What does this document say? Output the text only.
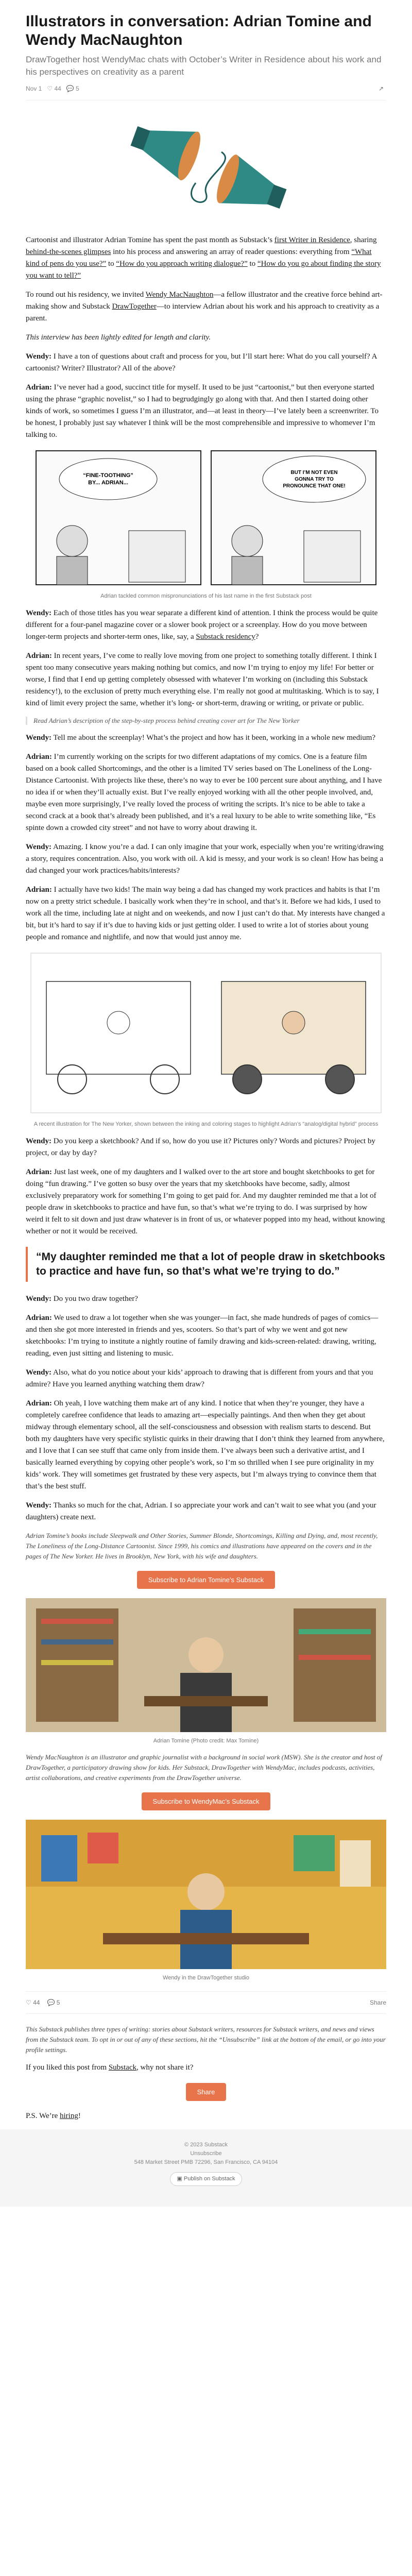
Illustrators in conversation: Adrian Tomine and Wendy MacNaughton
DrawTogether host WendyMac chats with October’s Writer in Residence about his work and his perspectives on creativity as a parent
Nov 1 ♡ 44 💬 5	↗

Cartoonist and illustrator Adrian Tomine has spent the past month as Substack’s first Writer in Residence, sharing behind-the-scenes glimpses into his process and answering an array of reader questions: everything from “What kind of pens do you use?” to “How do you approach writing dialogue?” to “How do you go about finding the story you want to tell?”

To round out his residency, we invited Wendy MacNaughton—a fellow illustrator and the creative force behind art-making show and Substack DrawTogether—to interview Adrian about his work and his approach to creativity as a parent.

This interview has been lightly edited for length and clarity.

Wendy: I have a ton of questions about craft and process for you, but I’ll start here: What do you call yourself? A cartoonist? Writer? Illustrator? All of the above?

Adrian: I’ve never had a good, succinct title for myself. It used to be just “cartoonist,” but then everyone started using the phrase “graphic novelist,” so I had to begrudgingly go along with that. And then I started doing other kinds of work, so sometimes I guess I’m an illustrator, and—at least in theory—I’ve lately been a screenwriter. To be honest, I probably just say whatever I think will be the most comprehensible and impressive to whomever I’m talking to.

“FINE-TOOTHING”
BY... ADRIAN...
BUT I’M NOT EVEN
GONNA TRY TO
PRONOUNCE THAT ONE!
Adrian tackled common mispronunciations of his last name in the first Substack post

Wendy: Each of those titles has you wear separate a different kind of attention. I think the process would be quite different for a four-panel magazine cover or a slower book project or a screenplay. How do you move between longer-term projects and shorter-term ones, like, say, a Substack residency?

Adrian: In recent years, I’ve come to really love moving from one project to something totally different. I think I spent too many consecutive years making nothing but comics, and now I’m trying to enjoy my life! For better or worse, I find that I end up getting completely obsessed with whatever I’m working on (including this Substack residency!), to the exclusion of pretty much everything else. I’m really not good at multitasking. Which is to say, I kind of limit every project the same, whether it’s long- or short-term, drawing or writing, or private or public.

Read Adrian’s description of the step-by-step process behind creating cover art for The New Yorker

Wendy: Tell me about the screenplay! What’s the project and how has it been, working in a whole new medium?

Adrian: I’m currently working on the scripts for two different adaptations of my comics. One is a feature film based on a book called Shortcomings, and the other is a limited TV series based on The Loneliness of the Long-Distance Cartoonist. With projects like these, there’s no way to ever be 100 percent sure about anything, and I have no idea if or when they’ll actually exist. But I’ve really enjoyed working with all the other people involved, and, maybe even more surprisingly, I’ve really loved the process of writing the scripts. It’s nice to be able to take a second crack at a book that’s already been published, and it’s a real luxury to be able to write something like, “Es spinte down a crowded city street” and not have to worry about drawing it.

Wendy: Amazing. I know you’re a dad. I can only imagine that your work, especially when you’re writing/drawing a story, requires concentration. Also, you work with oil. A kid is messy, and your work is so clean! How has being a dad changed your work practices/habits/interests?

Adrian: I actually have two kids! The main way being a dad has changed my work practices and habits is that I’m now on a pretty strict schedule. I basically work when they’re in school, and that’s it. Before we had kids, I used to work all the time, including late at night and on weekends, and now I just can’t do that. My interests have changed a bit, but it’s hard to say if it’s due to having kids or just getting older. I used to write a lot of stories about young people and romance and nightlife, and now that would just annoy me.

A recent illustration for The New Yorker, shown between the inking and coloring stages to highlight Adrian’s “analog/digital hybrid” process

Wendy: Do you keep a sketchbook? And if so, how do you use it? Pictures only? Words and pictures? Project by project, or day by day?

Adrian: Just last week, one of my daughters and I walked over to the art store and bought sketchbooks to get for doing “fun drawing.” I’ve gotten so busy over the years that my sketchbooks have become, sadly, almost exclusively preparatory work for something I’m going to get paid for. And my daughter reminded me that a lot of people draw in sketchbooks to practice and have fun, so that’s what we’re trying to do. I was surprised by how weird it felt to sit down and just draw whatever is in front of us, or whatever popped into my head, without knowing whether or not it would be received.

“My daughter reminded me that a lot of people draw in sketchbooks to practice and have fun, so that’s what we’re trying to do.”

Wendy: Do you two draw together?

Adrian: We used to draw a lot together when she was younger—in fact, she made hundreds of pages of comics—and then she got more interested in friends and yes, scooters. So that’s part of why we went and got new sketchbooks: I’m trying to institute a nightly routine of family drawing and kids-screen-related: drawing, writing, reading, even just sitting and listening to music.

Wendy: Also, what do you notice about your kids’ approach to drawing that is different from yours and that you admire? Have you learned anything watching them draw?

Adrian: Oh yeah, I love watching them make art of any kind. I notice that when they’re younger, they have a completely carefree confidence that leads to amazing art—especially paintings. And then when they get about midway through elementary school, all the self-consciousness and obsession with realism starts to descend. But both my daughters have very specific stylistic quirks in their drawing that I don’t think they learned from anywhere, and I love that I can see stuff that came only from inside them. I’ve always been such a derivative artist, and I basically learned everything by copying other people’s work, so I’m so thrilled when I see pure originality in my kids’ work. They will sometimes get frustrated by these very aspects, but I’m always trying to convince them that that’s the best stuff.

Wendy: Thanks so much for the chat, Adrian. I so appreciate your work and can’t wait to see what you (and your daughters) create next.

Adrian Tomine’s books include Sleepwalk and Other Stories, Summer Blonde, Shortcomings, Killing and Dying, and, most recently, The Loneliness of the Long-Distance Cartoonist. Since 1999, his comics and illustrations have appeared on the covers and in the pages of The New Yorker. He lives in Brooklyn, New York, with his wife and daughters.

Subscribe to Adrian Tomine’s Substack
Adrian Tomine (Photo credit: Max Tomine)

Wendy MacNaughton is an illustrator and graphic journalist with a background in social work (MSW). She is the creator and host of DrawTogether, a participatory drawing show for kids. Her Substack, DrawTogether with WendyMac, includes podcasts, activities, artist collaborations, and creative experiments from the DrawTogether universe.

Subscribe to WendyMac’s Substack
Wendy in the DrawTogether studio
♡ 44 💬 5	Share

This Substack publishes three types of writing: stories about Substack writers, resources for Substack writers, and news and views from the Substack team. To opt in or out of any of these sections, hit the “Unsubscribe” link at the bottom of the email, or go into your profile settings.

If you liked this post from Substack, why not share it?

Share

P.S. We’re hiring!

© 2023 Substack
Unsubscribe
548 Market Street PMB 72296, San Francisco, CA 94104
▣ Publish on Substack
